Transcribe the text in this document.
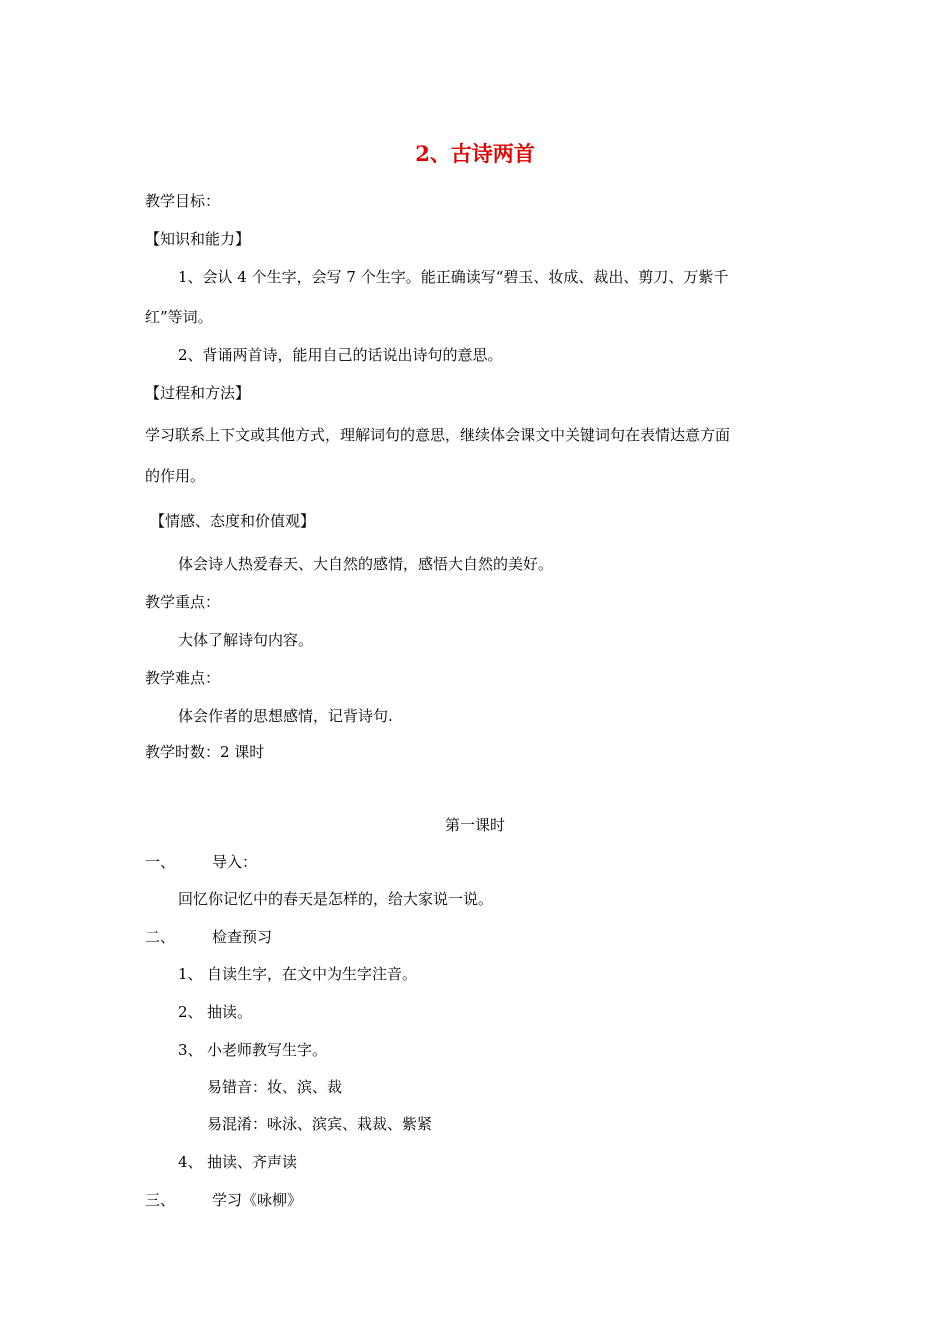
2、古诗两首
教学目标：
【知识和能力】
1、会认 4 个生字，会写 7 个生字。能正确读写“碧玉、妆成、裁出、剪刀、万紫千
红”等词。
2、背诵两首诗，能用自己的话说出诗句的意思。
【过程和方法】
学习联系上下文或其他方式，理解词句的意思，继续体会课文中关键词句在表情达意方面
的作用。
【情感、态度和价值观】
体会诗人热爱春天、大自然的感情，感悟大自然的美好。
教学重点：
大体了解诗句内容。
教学难点：
体会作者的思想感情，记背诗句.
教学时数：2 课时
第一课时
一、 导入：
回忆你记忆中的春天是怎样的，给大家说一说。
二、 检查预习
1、 自读生字，在文中为生字注音。
2、 抽读。
3、 小老师教写生字。
易错音：妆、滨、裁
易混淆：咏泳、滨宾、栽裁、紫紧
4、 抽读、齐声读
三、 学习《咏柳》
